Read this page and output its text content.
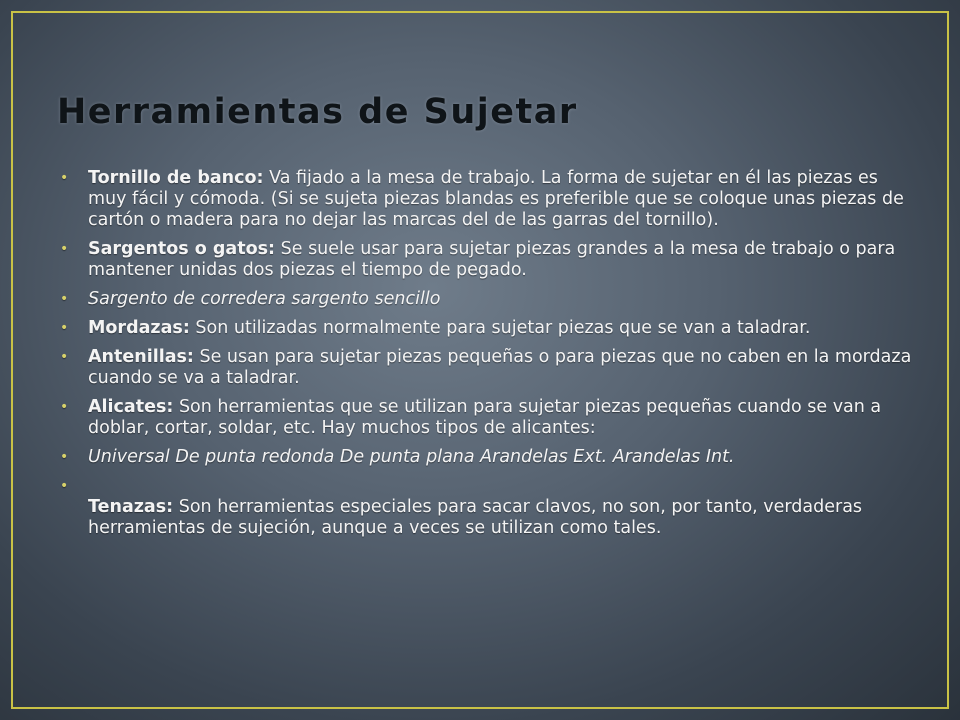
Herramientas de Sujetar
• Tornillo de banco: Va fijado a la mesa de trabajo. La forma de sujetar en él las piezas es muy fácil y cómoda. (Si se sujeta piezas blandas es preferible que se coloque unas piezas de cartón o madera para no dejar las marcas del de las garras del tornillo).
• Sargentos o gatos: Se suele usar para sujetar piezas grandes a la mesa de trabajo o para mantener unidas dos piezas el tiempo de pegado.
• Sargento de corredera sargento sencillo
• Mordazas: Son utilizadas normalmente para sujetar piezas que se van a taladrar.
• Antenillas: Se usan para sujetar piezas pequeñas o para piezas que no caben en la mordaza cuando se va a taladrar.
• Alicates: Son herramientas que se utilizan para sujetar piezas pequeñas cuando se van a doblar, cortar, soldar, etc. Hay muchos tipos de alicantes:
• Universal De punta redonda De punta plana Arandelas Ext. Arandelas Int.
•
Tenazas: Son herramientas especiales para sacar clavos, no son, por tanto, verdaderas herramientas de sujeción, aunque a veces se utilizan como tales.
